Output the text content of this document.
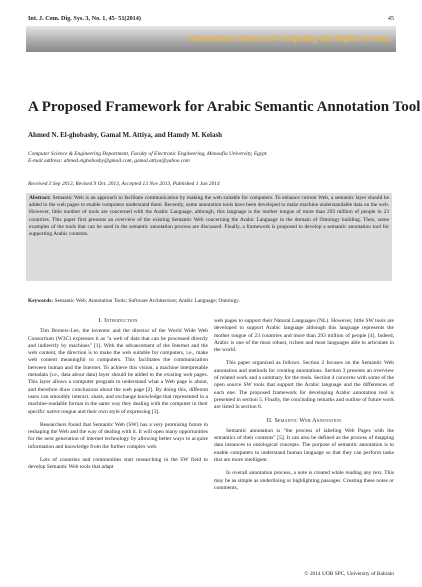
Int. J. Com. Dig. Sys. 3, No. 1, 45- 51(2014)	45
International Journal of Computing and Digital Systems
A Proposed Framework for Arabic Semantic Annotation Tool
Ahmed N. El-ghobashy, Gamal M. Attiya, and Hamdy M. Kelash
Computer Science & Engineering Department, Faculty of Electronic Engineering, Menoufia University, Egypt.
E-mail address: ahmed.elghobashy@gmail.com, gamal.attiya@yahoo.com
Received 3 Sep 2013, Revised 9 Oct. 2013, Accepted 13 Nov 2013, Published 1 Jan 2014
Abstract: Semantic Web is an approach to facilitate communication by making the web suitable for computers. To enhance current Web, a semantic layer should be added to the web pages to enable computers understand them. Recently, some annotation tools have been developed to make machine understandable data on the web. However, little number of tools are concerned with the Arabic Language, although, this language is the mother tongue of more than 293 million of people in 23 countries. This paper first presents an overview of the existing Semantic Web concerning the Arabic Language in the domain of Ontology building. Then, some examples of the tools that can be used in the semantic annotation process are discussed. Finally, a framework is proposed to develop a semantic annotation tool for supporting Arabic contents.
Keywords: Semantic Web; Annotation Tools; Software Architecture; Arabic Language; Ontology.
I. Introduction

Tim Berners-Lee, the inventor and the director of the World Wide Web Consortium (W3C) expresses it as "a web of data that can be processed directly and indirectly by machines" [1]. With the advancement of the Internet and the web content, the direction is to make the web suitable for computers, i.e., make web content meaningful to computers. This facilitates the communication between human and the Internet. To achieve this vision, a machine interpretable metadata (i.e., data about data) layer should be added to the existing web pages. This layer allows a computer program to understand what a Web page is about, and therefore draw conclusions about the web page [2]. By doing this, different users can smoothly interact, share, and exchange knowledge that represented in a machine-readable format in the same way they dealing with the computer in their specific native tongue and their own style of expressing [3].

Researchers found that Semantic Web (SW) has a very promising future in reshaping the Web and the way of dealing with it. It will open many opportunities for the next generation of internet technology by allowing better ways to acquire information and knowledge from the further complex web.

Lots of countries and communities start researching in the SW field to develop Semantic Web tools that adapt

web pages to support their Natural Languages (NL). However, little SW tools are developed to support Arabic language although this language represents the mother tongue of 23 countries and more than 293 million of people [4]. Indeed, Arabic is one of the most robust, richest and most languages able to articulate in the world.

This paper organized as follows. Section 2 focuses on the Semantic Web annotation and methods for creating annotations. Section 3 presents an overview of related work and a summary for the tools. Section 4 concerns with some of the open source SW tools that support the Arabic language and the differences of each one. The proposed framework for developing Arabic annotation tool is presented in section 5. Finally, the concluding remarks and outline of future work are listed in section 6.

II. Semantic Web Annotation

Semantic annotation is "the process of labeling Web Pages with the semantics of their contents" [5]. It can also be defined as the process of mapping data instances to ontological concepts. The purpose of semantic annotation is to enable computers to understand human language so that they can perform tasks that are more intelligent.

In overall annotation process, a note is created while reading any text. This may be as simple as underlining or highlighting passages. Creating these notes or comments,

© 2014 UOB SPC, University of Bahrain
